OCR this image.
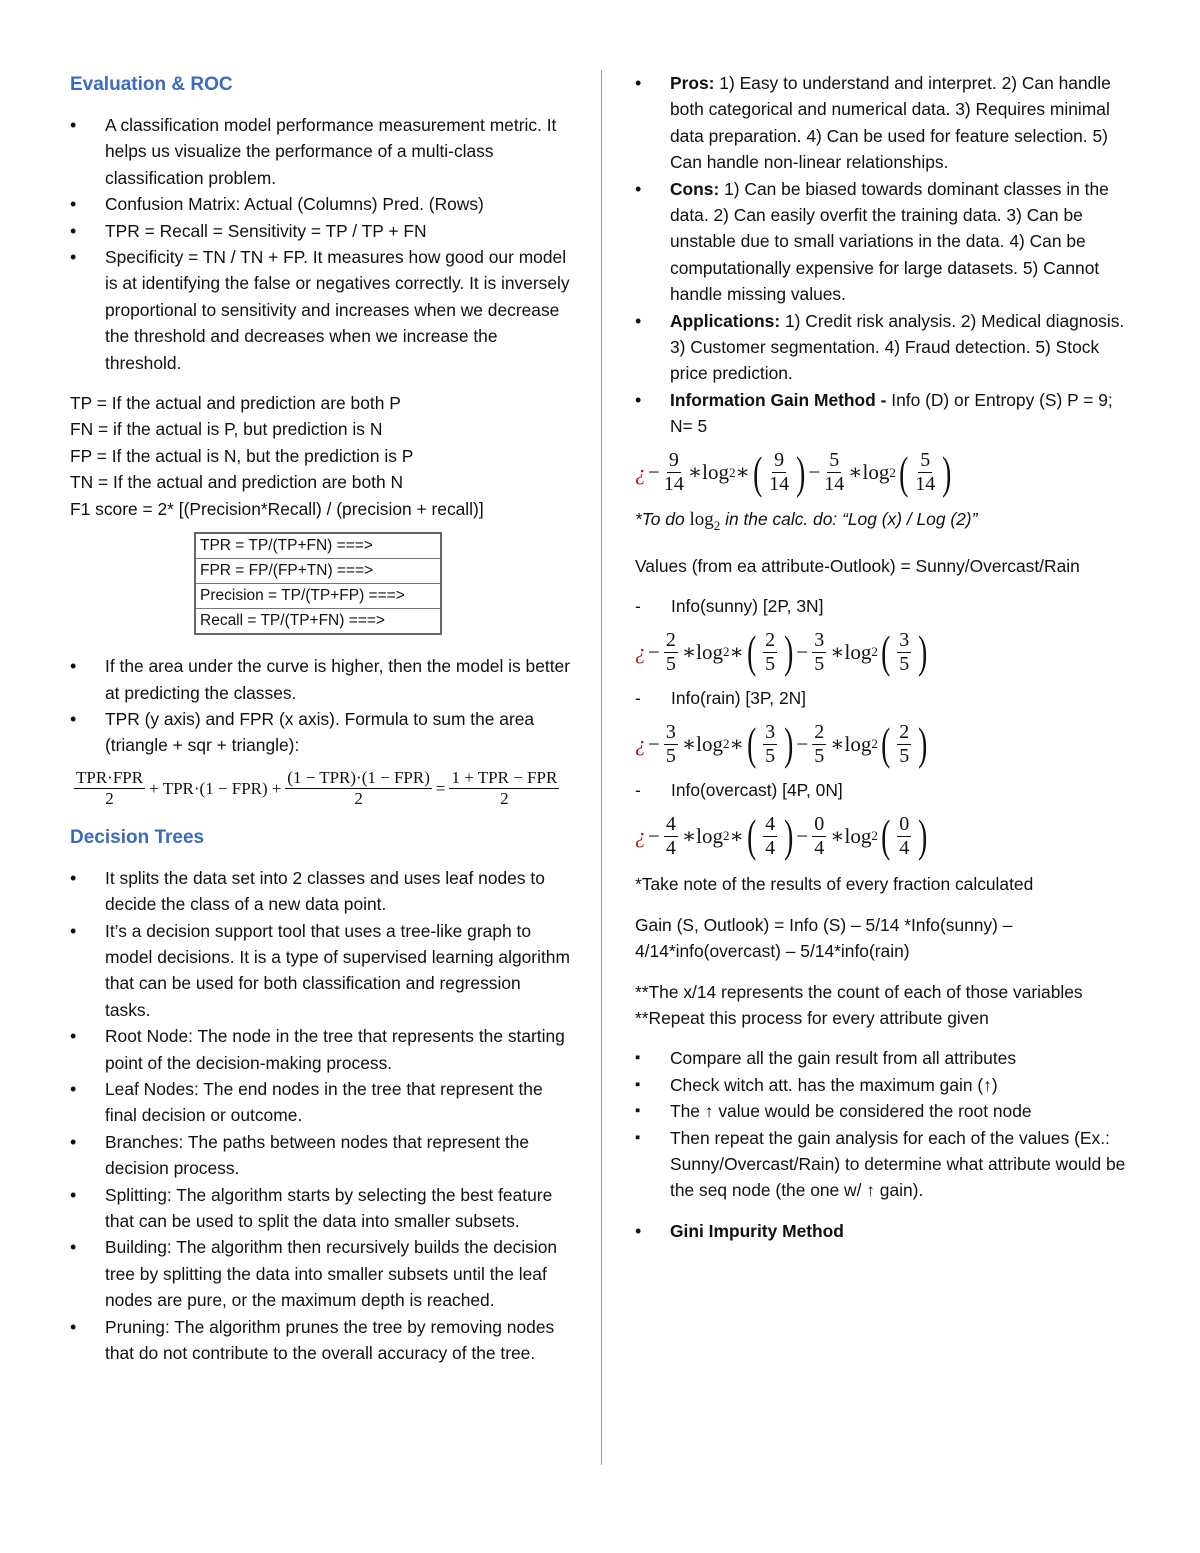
Evaluation & ROC
• A classification model performance measurement metric. It helps us visualize the performance of a multi-class classification problem.
• Confusion Matrix: Actual (Columns) Pred. (Rows)
• TPR = Recall = Sensitivity = TP / TP + FN
• Specificity = TN / TN + FP. It measures how good our model is at identifying the false or negatives correctly. It is inversely proportional to sensitivity and increases when we decrease the threshold and decreases when we increase the threshold.
TP = If the actual and prediction are both P
FN = if the actual is P, but prediction is N
FP = If the actual is N, but the prediction is P
TN = If the actual and prediction are both N
F1 score = 2* [(Precision*Recall) / (precision + recall)]
TPR = TP/(TP+FN) ===>
FPR = FP/(FP+TN) ===>
Precision = TP/(TP+FP) ===>
Recall = TP/(TP+FN) ===>
• If the area under the curve is higher, then the model is better at predicting the classes.
• TPR (y axis) and FPR (x axis). Formula to sum the area (triangle + sqr + triangle):
$\frac{\text{TPR·FPR}}{2} + TPR\cdot(1 - FPR) + \frac{\text{(1 − TPR)·(1 − FPR)}}{2} = \frac{\text{1 + TPR − FPR}}{2}$
Decision Trees
• It splits the data set into 2 classes and uses leaf nodes to decide the class of a new data point.
• It’s a decision support tool that uses a tree-like graph to model decisions. It is a type of supervised learning algorithm that can be used for both classification and regression tasks.
• Root Node: The node in the tree that represents the starting point of the decision-making process.
• Leaf Nodes: The end nodes in the tree that represent the final decision or outcome.
• Branches: The paths between nodes that represent the decision process.
• Splitting: The algorithm starts by selecting the best feature that can be used to split the data into smaller subsets.
• Building: The algorithm then recursively builds the decision tree by splitting the data into smaller subsets until the leaf nodes are pure, or the maximum depth is reached.
• Pruning: The algorithm prunes the tree by removing nodes that do not contribute to the overall accuracy of the tree.
• Pros: 1) Easy to understand and interpret. 2) Can handle both categorical and numerical data. 3) Requires minimal data preparation. 4) Can be used for feature selection. 5) Can handle non-linear relationships.
• Cons: 1) Can be biased towards dominant classes in the data. 2) Can easily overfit the training data. 3) Can be unstable due to small variations in the data. 4) Can be computationally expensive for large datasets. 5) Cannot handle missing values.
• Applications: 1) Credit risk analysis. 2) Medical diagnosis. 3) Customer segmentation. 4) Fraud detection. 5) Stock price prediction.
• Information Gain Method - Info (D) or Entropy (S) P = 9; N= 5
¿ − $\frac{9}{14}$ ∗ log 2 ∗ ( $\frac{9}{14}$ ) − $\frac{5}{14}$ ∗ log 2 ( $\frac{5}{14}$ )
*To do $\log_2$ in the calc. do: “Log (x) / Log (2)”
Values (from ea attribute-Outlook) = Sunny/Overcast/Rain
- Info(sunny) [2P, 3N]
¿ − $\frac{2}{5}$ ∗ log 2 ∗ ( $\frac{2}{5}$ ) − $\frac{3}{5}$ ∗ log 2 ( $\frac{3}{5}$ )
- Info(rain) [3P, 2N]
¿ − $\frac{3}{5}$ ∗ log 2 ∗ ( $\frac{3}{5}$ ) − $\frac{2}{5}$ ∗ log 2 ( $\frac{2}{5}$ )
- Info(overcast) [4P, 0N]
¿ − $\frac{4}{4}$ ∗ log 2 ∗ ( $\frac{4}{4}$ ) − $\frac{0}{4}$ ∗ log 2 ( $\frac{0}{4}$ )
*Take note of the results of every fraction calculated
Gain (S, Outlook) = Info (S) – 5/14 *Info(sunny) – 4/14*info(overcast) – 5/14*info(rain)
**The x/14 represents the count of each of those variables **Repeat this process for every attribute given
▪ Compare all the gain result from all attributes
▪ Check witch att. has the maximum gain (↑)
▪ The ↑ value would be considered the root node
▪ Then repeat the gain analysis for each of the values (Ex.: Sunny/Overcast/Rain) to determine what attribute would be the seq node (the one w/ ↑ gain).
• Gini Impurity Method
